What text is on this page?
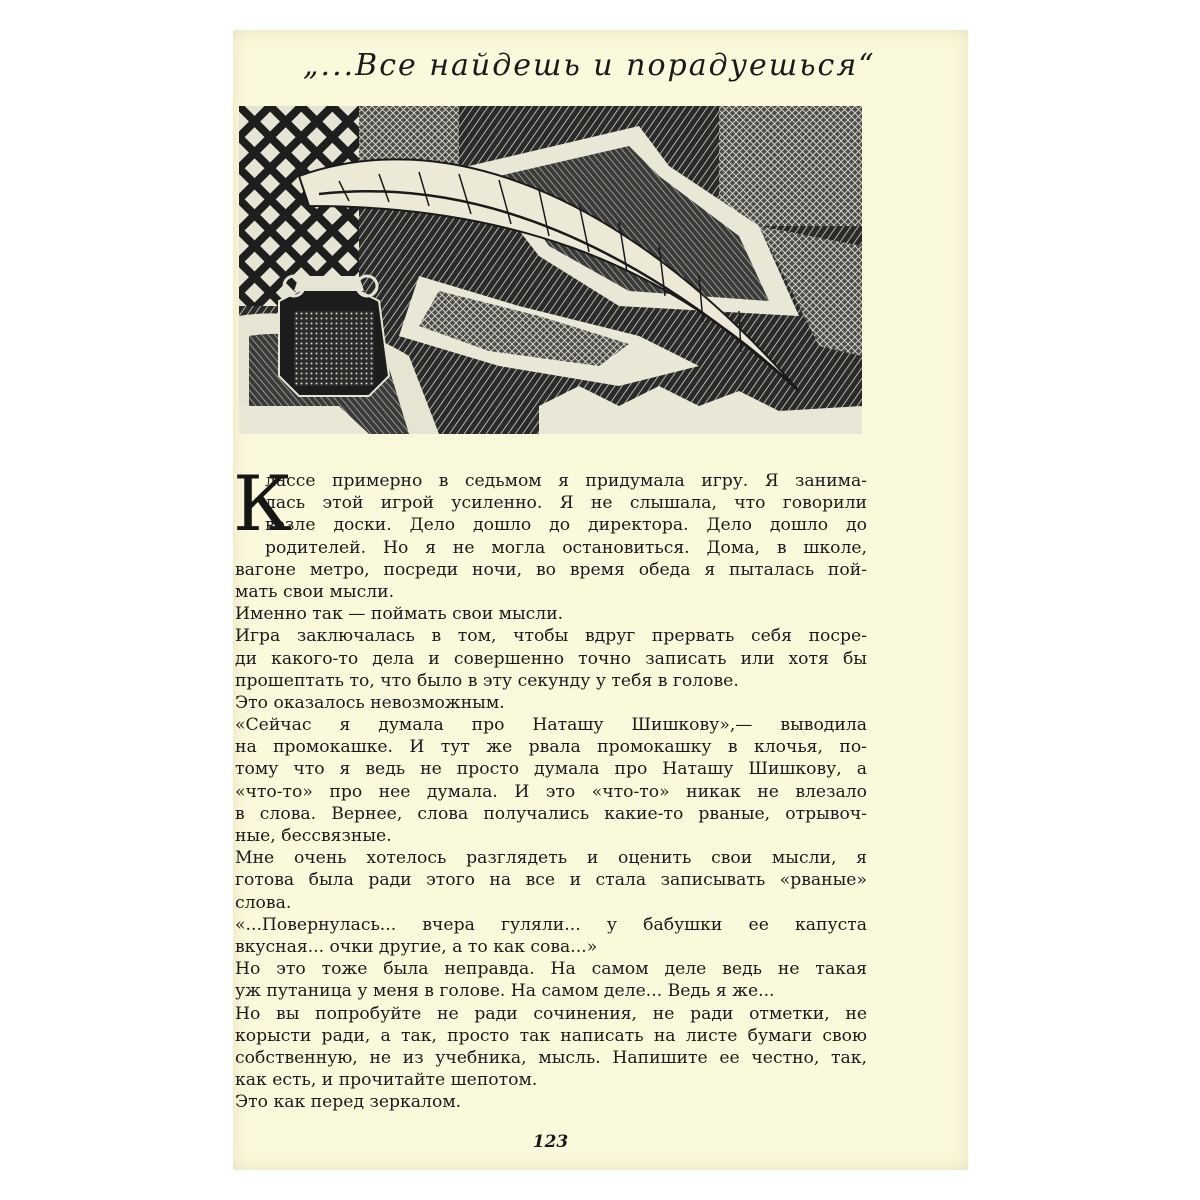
„...Все найдешь и порадуешься“
К
лассе примерно в седьмом я придумала игру. Я занима-
лась этой игрой усиленно. Я не слышала, что говорили
возле доски. Дело дошло до директора. Дело дошло до
родителей. Но я не могла остановиться. Дома, в школе,
вагоне метро, посреди ночи, во время обеда я пыталась пой-
мать свои мысли.
Именно так — поймать свои мысли.
Игра заключалась в том, чтобы вдруг прервать себя посре-
ди какого-то дела и совершенно точно записать или хотя бы
прошептать то, что было в эту секунду у тебя в голове.
Это оказалось невозможным.
«Сейчас я думала про Наташу Шишкову»,— выводила
на промокашке. И тут же рвала промокашку в клочья, по-
тому что я ведь не просто думала про Наташу Шишкову, а
«что-то» про нее думала. И это «что-то» никак не влезало
в слова. Вернее, слова получались какие-то рваные, отрывоч-
ные, бессвязные.
Мне очень хотелось разглядеть и оценить свои мысли, я
готова была ради этого на все и стала записывать «рваные»
слова.
«...Повернулась... вчера гуляли... у бабушки ее капуста
вкусная... очки другие, а то как сова...»
Но это тоже была неправда. На самом деле ведь не такая
уж путаница у меня в голове. На самом деле... Ведь я же...
Но вы попробуйте не ради сочинения, не ради отметки, не
корысти ради, а так, просто так написать на листе бумаги свою
собственную, не из учебника, мысль. Напишите ее честно, так,
как есть, и прочитайте шепотом.
Это как перед зеркалом.
123
